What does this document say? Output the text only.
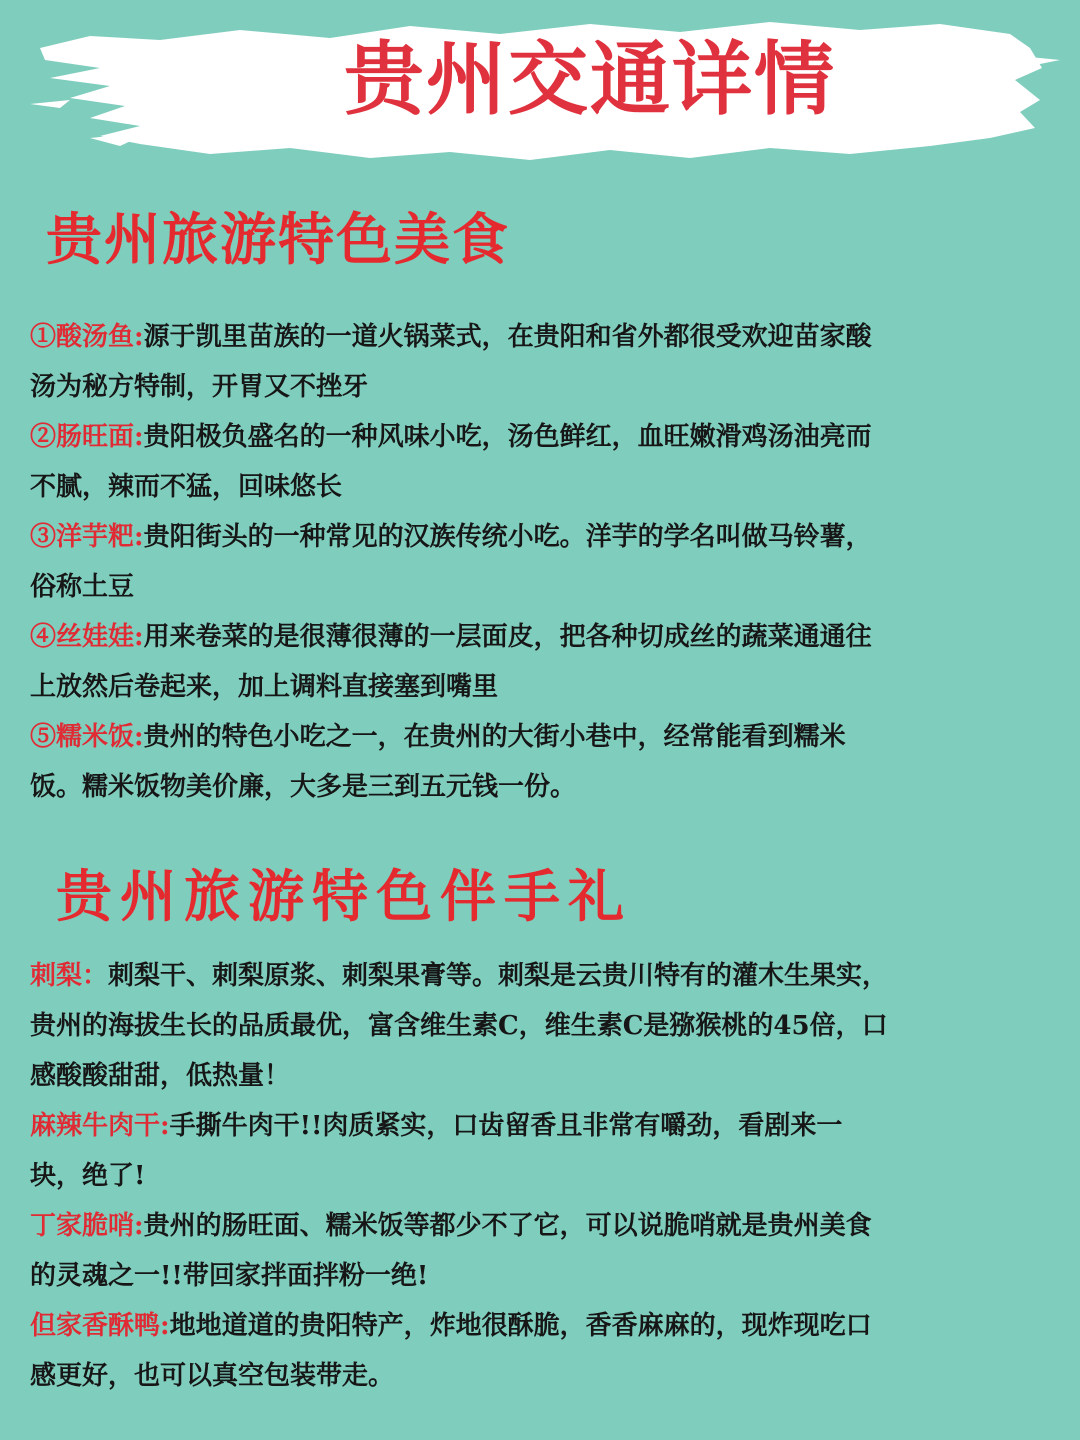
贵州交通详情
贵州旅游特色美食

①酸汤鱼:源于凯里苗族的一道火锅菜式，在贵阳和省外都很受欢迎苗家酸汤为秘方特制，开胃又不挫牙

②肠旺面:贵阳极负盛名的一种风味小吃，汤色鲜红，血旺嫩滑鸡汤油亮而不腻，辣而不猛，回味悠长

③洋芋粑:贵阳街头的一种常见的汉族传统小吃。洋芋的学名叫做马铃薯，俗称土豆

④丝娃娃:用来卷菜的是很薄很薄的一层面皮，把各种切成丝的蔬菜通通往上放然后卷起来，加上调料直接塞到嘴里

⑤糯米饭:贵州的特色小吃之一，在贵州的大街小巷中，经常能看到糯米饭。糯米饭物美价廉，大多是三到五元钱一份。

贵州旅游特色伴手礼

刺梨：刺梨干、刺梨原浆、刺梨果膏等。刺梨是云贵川特有的灌木生果实，贵州的海拔生长的品质最优，富含维生素C，维生素C是猕猴桃的45倍，口感酸酸甜甜，低热量！

麻辣牛肉干:手撕牛肉干!!肉质紧实，口齿留香且非常有嚼劲，看剧来一块，绝了!

丁家脆哨:贵州的肠旺面、糯米饭等都少不了它，可以说脆哨就是贵州美食的灵魂之一!!带回家拌面拌粉一绝!

但家香酥鸭:地地道道的贵阳特产，炸地很酥脆，香香麻麻的，现炸现吃口感更好，也可以真空包装带走。
